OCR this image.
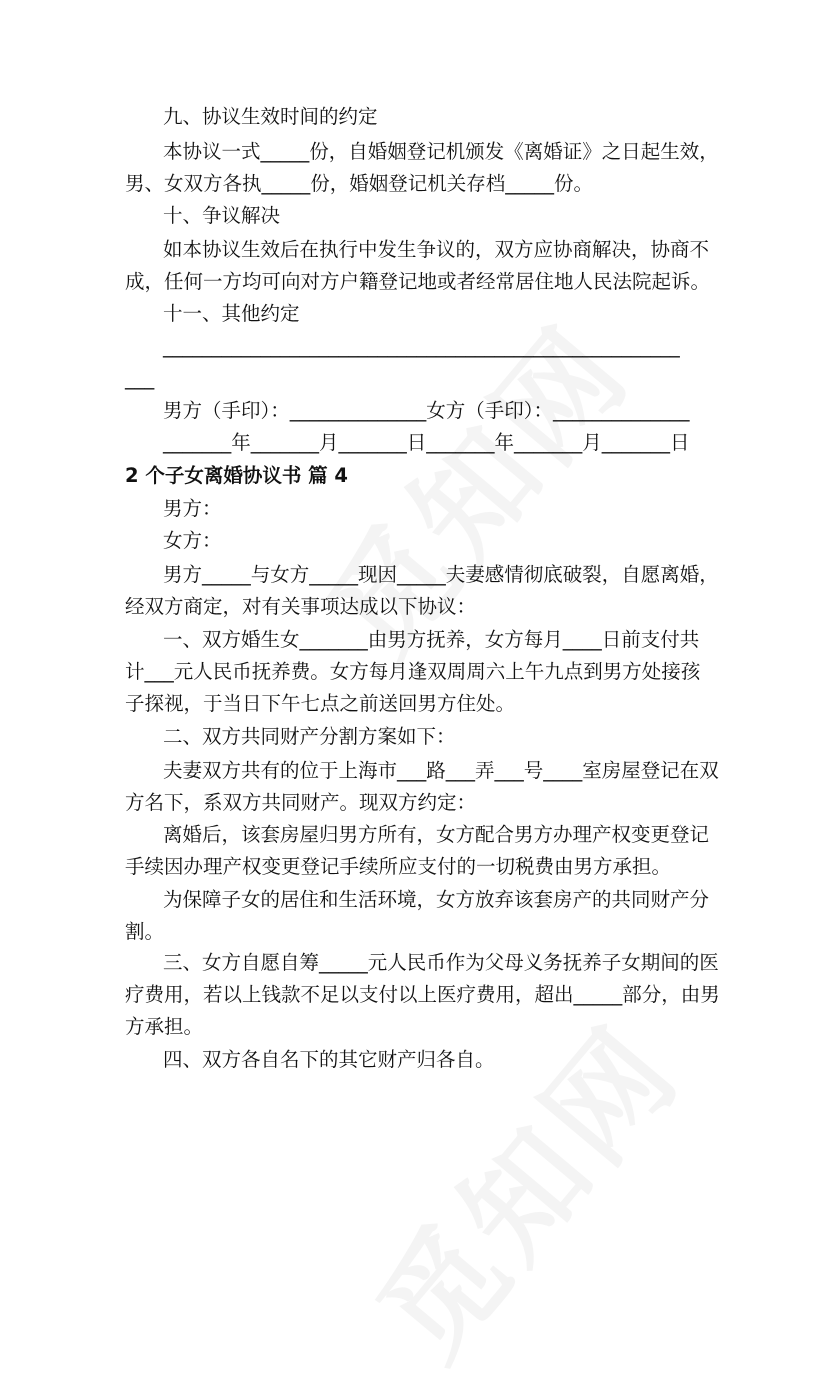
九、协议生效时间的约定
本协议一式_____份，自婚姻登记机颁发《离婚证》之日起生效，
男、女双方各执_____份，婚姻登记机关存档_____份。
十、争议解决
如本协议生效后在执行中发生争议的，双方应协商解决，协商不
成，任何一方均可向对方户籍登记地或者经常居住地人民法院起诉。
十一、其他约定
_____________________________________________________
___
男方（手印）：______________女方（手印）：______________
_______年_______月_______日_______年_______月_______日
2 个子女离婚协议书 篇 4
男方：
女方：
男方_____与女方_____现因_____夫妻感情彻底破裂，自愿离婚，
经双方商定，对有关事项达成以下协议：
一、双方婚生女_______由男方抚养，女方每月____日前支付共
计___元人民币抚养费。女方每月逢双周周六上午九点到男方处接孩
子探视，于当日下午七点之前送回男方住处。
二、双方共同财产分割方案如下：
夫妻双方共有的位于上海市___路___弄___号____室房屋登记在双
方名下，系双方共同财产。现双方约定：
离婚后，该套房屋归男方所有，女方配合男方办理产权变更登记
手续因办理产权变更登记手续所应支付的一切税费由男方承担。
为保障子女的居住和生活环境，女方放弃该套房产的共同财产分
割。
三、女方自愿自筹_____元人民币作为父母义务抚养子女期间的医
疗费用，若以上钱款不足以支付以上医疗费用，超出_____部分，由男
方承担。
四、双方各自名下的其它财产归各自。
